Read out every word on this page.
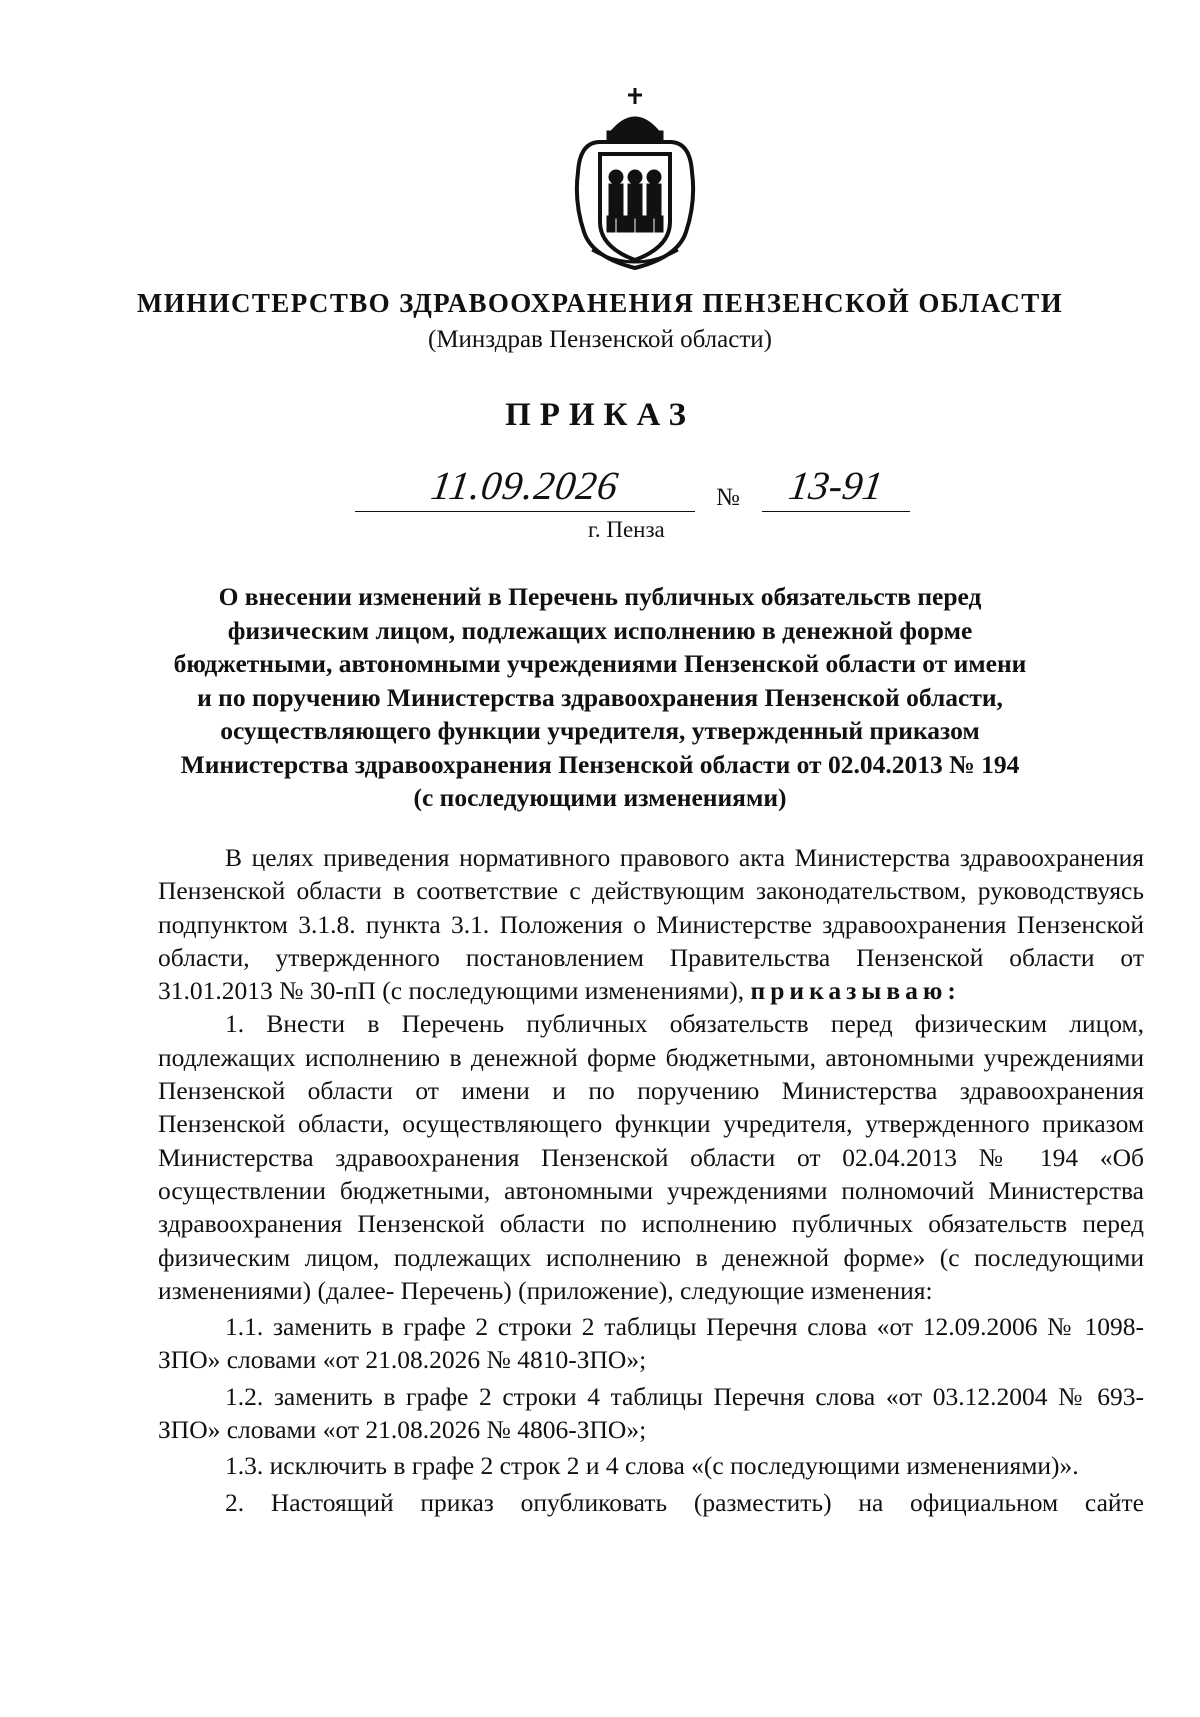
МИНИСТЕРСТВО ЗДРАВООХРАНЕНИЯ ПЕНЗЕНСКОЙ ОБЛАСТИ
(Минздрав Пензенской области)
ПРИКАЗ
11.09.2026	№	13-91
г. Пенза
О внесении изменений в Перечень публичных обязательств перед
физическим лицом, подлежащих исполнению в денежной форме
бюджетными, автономными учреждениями Пензенской области от имени
и по поручению Министерства здравоохранения Пензенской области,
осуществляющего функции учредителя, утвержденный приказом
Министерства здравоохранения Пензенской области от 02.04.2013 № 194
(с последующими изменениями)

В целях приведения нормативного правового акта Министерства здравоохранения Пензенской области в соответствие с действующим законодательством, руководствуясь подпунктом 3.1.8. пункта 3.1. Положения о Министерстве здравоохранения Пензенской области, утвержденного постановлением Правительства Пензенской области от 31.01.2013 № 30-пП (с последующими изменениями), приказываю:

1. Внести в Перечень публичных обязательств перед физическим лицом, подлежащих исполнению в денежной форме бюджетными, автономными учреждениями Пензенской области от имени и по поручению Министерства здравоохранения Пензенской области, осуществляющего функции учредителя, утвержденного приказом Министерства здравоохранения Пензенской области от 02.04.2013 № 194 «Об осуществлении бюджетными, автономными учреждениями полномочий Министерства здравоохранения Пензенской области по исполнению публичных обязательств перед физическим лицом, подлежащих исполнению в денежной форме» (с последующими изменениями) (далее- Перечень) (приложение), следующие изменения:

1.1. заменить в графе 2 строки 2 таблицы Перечня слова «от 12.09.2006 № 1098-ЗПО» словами «от 21.08.2026 № 4810-ЗПО»;

1.2. заменить в графе 2 строки 4 таблицы Перечня слова «от 03.12.2004 № 693-ЗПО» словами «от 21.08.2026 № 4806-ЗПО»;

1.3. исключить в графе 2 строк 2 и 4 слова «(с последующими изменениями)».

2. Настоящий приказ опубликовать (разместить) на официальном сайте
